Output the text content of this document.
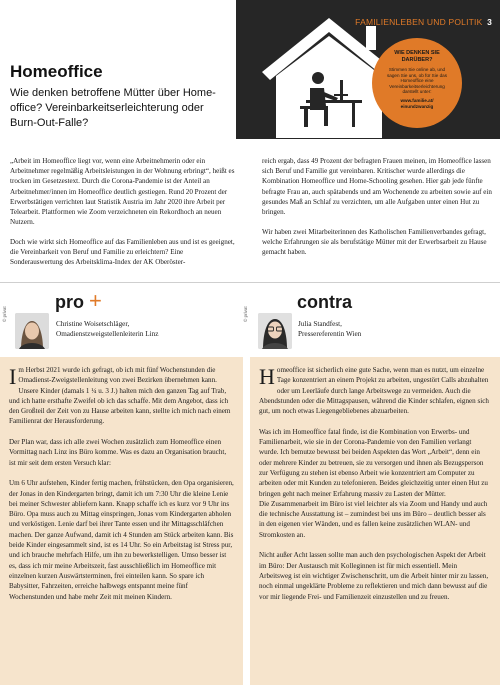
FAMILIENLEBEN UND POLITIK 3
WIE DENKEN SIE DARÜBER?
Stimmen Sie online ab, und sagen Sie uns, ob für Sie das Homeoffice eine Vereinbarkeitserleichterung darstellt unter:
www.familie.at/ einundzwanzig
Homeoffice
Wie denken betroffene Mütter über Home-office? Vereinbarkeitserleichterung oder Burn-Out-Falle?

„Arbeit im Homeoffice liegt vor, wenn eine Arbeitnehmerin oder ein Arbeitnehmer regelmäßig Arbeitsleistungen in der Wohnung erbringt“, heißt es trocken im Gesetzestext. Durch die Corona-Pandemie ist der Anteil an Arbeitnehmer/innen im Homeoffice deutlich gestiegen. Rund 20 Prozent der Erwerbstätigen verrichten laut Statistik Austria im Jahr 2020 ihre Arbeit per Telearbeit. Plattformen wie Zoom verzeichneten ein Rekordhoch an neuen Nutzern.

Doch wie wirkt sich Homeoffice auf das Familienleben aus und ist es geeignet, die Vereinbarkeit von Beruf und Familie zu erleichtern? Eine Sonderauswertung des Arbeitsklima-Index der AK Oberöster-

reich ergab, dass 49 Prozent der befragten Frauen meinen, im Homeoffice lassen sich Beruf und Familie gut vereinbaren. Kritischer wurde allerdings die Kombination Homeoffice und Home-Schooling gesehen. Hier gab jede fünfte befragte Frau an, auch spätabends und am Wochenende zu arbeiten sowie auf ein gesundes Maß an Schlaf zu verzichten, um alle Aufgaben unter einen Hut zu bringen.

Wir haben zwei Mitarbeiterinnen des Katholischen Familienverbandes gefragt, welche Erfahrungen sie als berufstätige Mütter mit der Erwerbsarbeit zu Hause gemacht haben.

pro +
© privat
Christine Woisetschläger,
Omadienstzweigstellenleiterin Linz

Im Herbst 2021 wurde ich gefragt, ob ich mit fünf Wochenstunden die Omadienst-Zweigstellenleitung von zwei Bezirken übernehmen kann. Unsere Kinder (damals 1 ¼ u. 3 J.) halten mich den ganzen Tag auf Trab, und ich hatte ersthafte Zweifel ob ich das schaffe. Mit dem Angebot, dass ich den Großteil der Zeit von zu Hause arbeiten kann, stellte ich mich nach einem Familienrat der Herausforderung.

Der Plan war, dass ich alle zwei Wochen zusätzlich zum Homeoffice einen Vormittag nach Linz ins Büro komme. Was es dazu an Organisation braucht, ist mir seit dem ersten Versuch klar:

Um 6 Uhr aufstehen, Kinder fertig machen, frühstücken, den Opa organisieren, der Jonas in den Kindergarten bringt, damit ich um 7:30 Uhr die kleine Lenie bei meiner Schwester abliefern kann. Knapp schaffe ich es kurz vor 9 Uhr ins Büro. Opa muss auch zu Mittag einspringen, Jonas vom Kindergarten abholen und verköstigen. Lenie darf bei ihrer Tante essen und ihr Mittagsschläfchen machen. Der ganze Aufwand, damit ich 4 Stunden am Stück arbeiten kann. Bis beide Kinder eingesammelt sind, ist es 14 Uhr. So ein Arbeitstag ist Stress pur, und ich brauche mehrfach Hilfe, um ihn zu bewerkstelligen. Umso besser ist es, dass ich mir meine Arbeitszeit, fast ausschließlich im Homeoffice mit einzelnen kurzen Auswärtsterminen, frei einteilen kann. So spare ich Babysitter, Fahrzeiten, erreiche halbwegs entspannt meine fünf Wochenstunden und habe mehr Zeit mit meinen Kindern.

contra
© privat
Julia Standfest,
Pressereferentin Wien

Homeoffice ist sicherlich eine gute Sache, wenn man es nutzt, um einzelne Tage konzentriert an einem Projekt zu arbeiten, ungestört Calls abzuhalten oder um Leerläufe durch lange Arbeitswege zu vermeiden. Auch die Abendstunden oder die Mittagspausen, während die Kinder schlafen, eignen sich gut, um noch etwas Liegengebliebenes abzuarbeiten.

Was ich im Homeoffice fatal finde, ist die Kombination von Erwerbs- und Familienarbeit, wie sie in der Corona-Pandemie von den Familien verlangt wurde. Ich bemutze bewusst bei beiden Aspekten das Wort „Arbeit“, denn ein oder mehrere Kinder zu betreuen, sie zu versorgen und ihnen als Bezugsperson zur Verfügung zu stehen ist ebenso Arbeit wie konzentriert am Computer zu arbeiten oder mit Kunden zu telefonieren. Beides gleichzeitig unter einen Hut zu bringen geht nach meiner Erfahrung massiv zu Lasten der Mütter.

Die Zusammenarbeit im Büro ist viel leichter als via Zoom und Handy und auch die technische Ausstattung ist – zumindest bei uns im Büro – deutlich besser als in den eigenen vier Wänden, und es fallen keine zusätzlichen WLAN- und Stromkosten an.

Nicht außer Acht lassen sollte man auch den psychologischen Aspekt der Arbeit im Büro: Der Austausch mit Kolleginnen ist für mich essentiell. Mein Arbeitsweg ist ein wichtiger Zwischenschritt, um die Arbeit hinter mir zu lassen, noch einmal ungeklärte Probleme zu reflektieren und mich dann bewusst auf die vor mir liegende Frei- und Familienzeit einzustellen und zu freuen.
